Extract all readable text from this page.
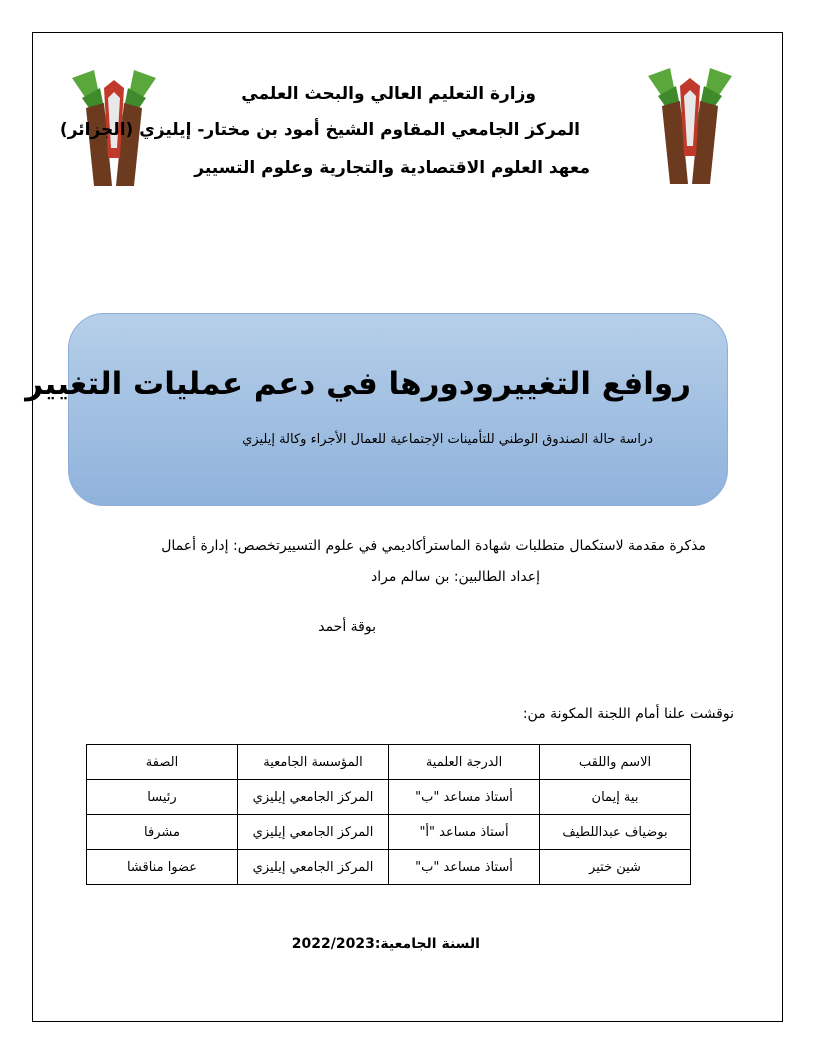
وزارة التعليم العالي والبحث العلمي
المركز الجامعي المقاوم الشيخ أمود بن مختار- إيليزي (الجزائر)
معهد العلوم الاقتصادية والتجارية وعلوم التسيير
روافع التغييرودورها في دعم عمليات التغيير
دراسة حالة الصندوق الوطني للتأمينات الإجتماعية للعمال الأجراء وكالة إيليزي
مذكرة مقدمة لاستكمال متطلبات شهادة الماسترأكاديمي في علوم التسييرتخصص: إدارة أعمال
إعداد الطالبين: بن سالم مراد
بوقة أحمد
نوقشت علنا أمام اللجنة المكونة من:
الاسم واللقب	الدرجة العلمية	المؤسسة الجامعية	الصفة
بية إيمان	أستاذ مساعد "ب"	المركز الجامعي إيليزي	رئيسا
بوضياف عبداللطيف	أستاذ مساعد "أ"	المركز الجامعي إيليزي	مشرفا
شين ختير	أستاذ مساعد "ب"	المركز الجامعي إيليزي	عضوا مناقشا
السنة الجامعية:2022/2023
